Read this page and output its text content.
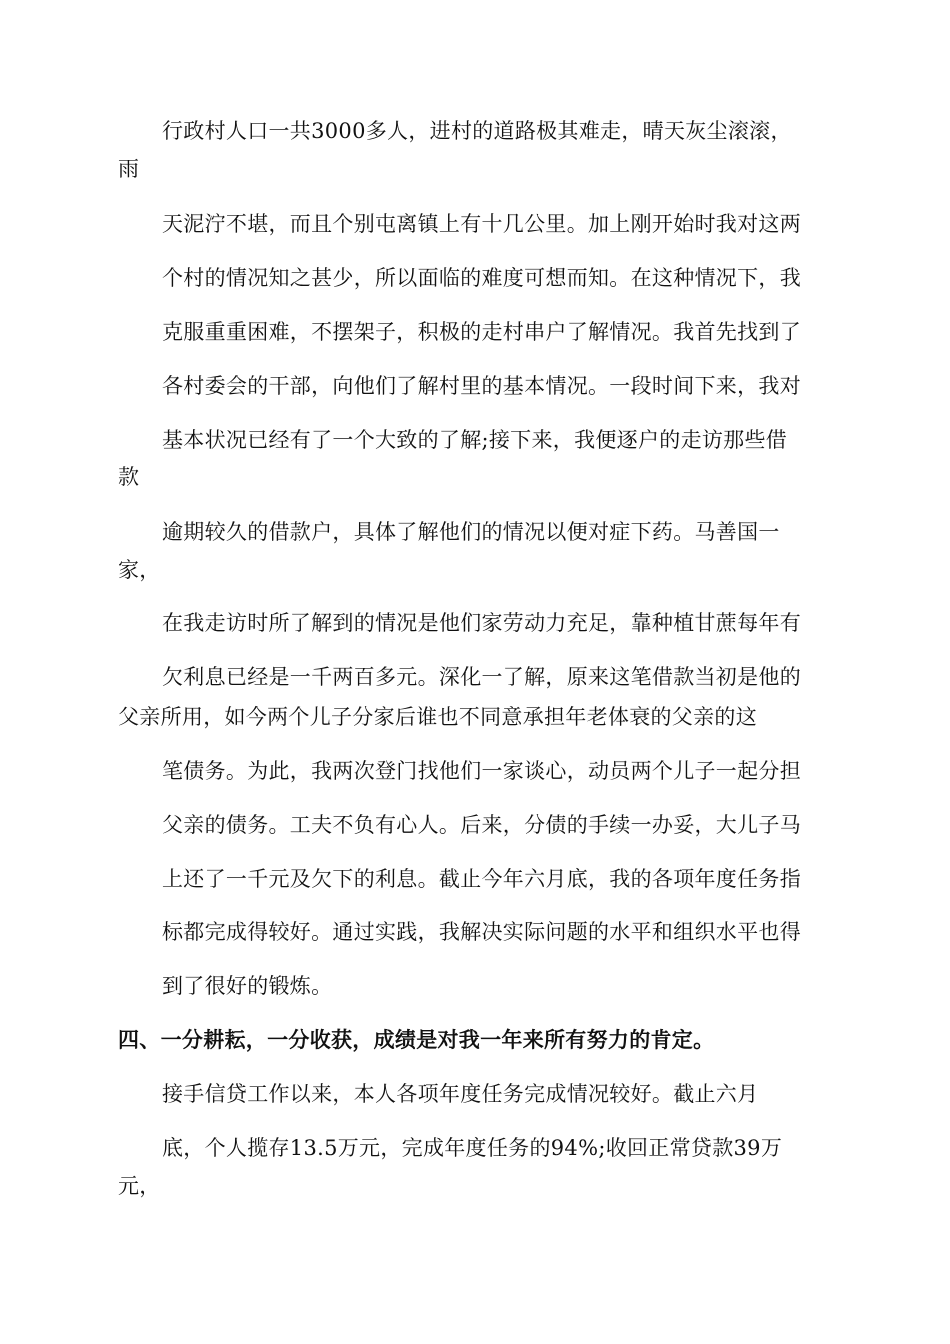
行政村人口一共3000多人，进村的道路极其难走，晴天灰尘滚滚，
雨
天泥泞不堪，而且个别屯离镇上有十几公里。加上刚开始时我对这两
个村的情况知之甚少，所以面临的难度可想而知。在这种情况下，我
克服重重困难，不摆架子，积极的走村串户了解情况。我首先找到了
各村委会的干部，向他们了解村里的基本情况。一段时间下来，我对
基本状况已经有了一个大致的了解;接下来，我便逐户的走访那些借
款
逾期较久的借款户，具体了解他们的情况以便对症下药。马善国一
家，
在我走访时所了解到的情况是他们家劳动力充足，靠种植甘蔗每年有
欠利息已经是一千两百多元。深化一了解，原来这笔借款当初是他的
父亲所用，如今两个儿子分家后谁也不同意承担年老体衰的父亲的这
笔债务。为此，我两次登门找他们一家谈心，动员两个儿子一起分担
父亲的债务。工夫不负有心人。后来，分债的手续一办妥，大儿子马
上还了一千元及欠下的利息。截止今年六月底，我的各项年度任务指
标都完成得较好。通过实践，我解决实际问题的水平和组织水平也得
到了很好的锻炼。
四、一分耕耘，一分收获，成绩是对我一年来所有努力的肯定。
接手信贷工作以来，本人各项年度任务完成情况较好。截止六月
底，个人揽存13.5万元，完成年度任务的94%;收回正常贷款39万
元，
